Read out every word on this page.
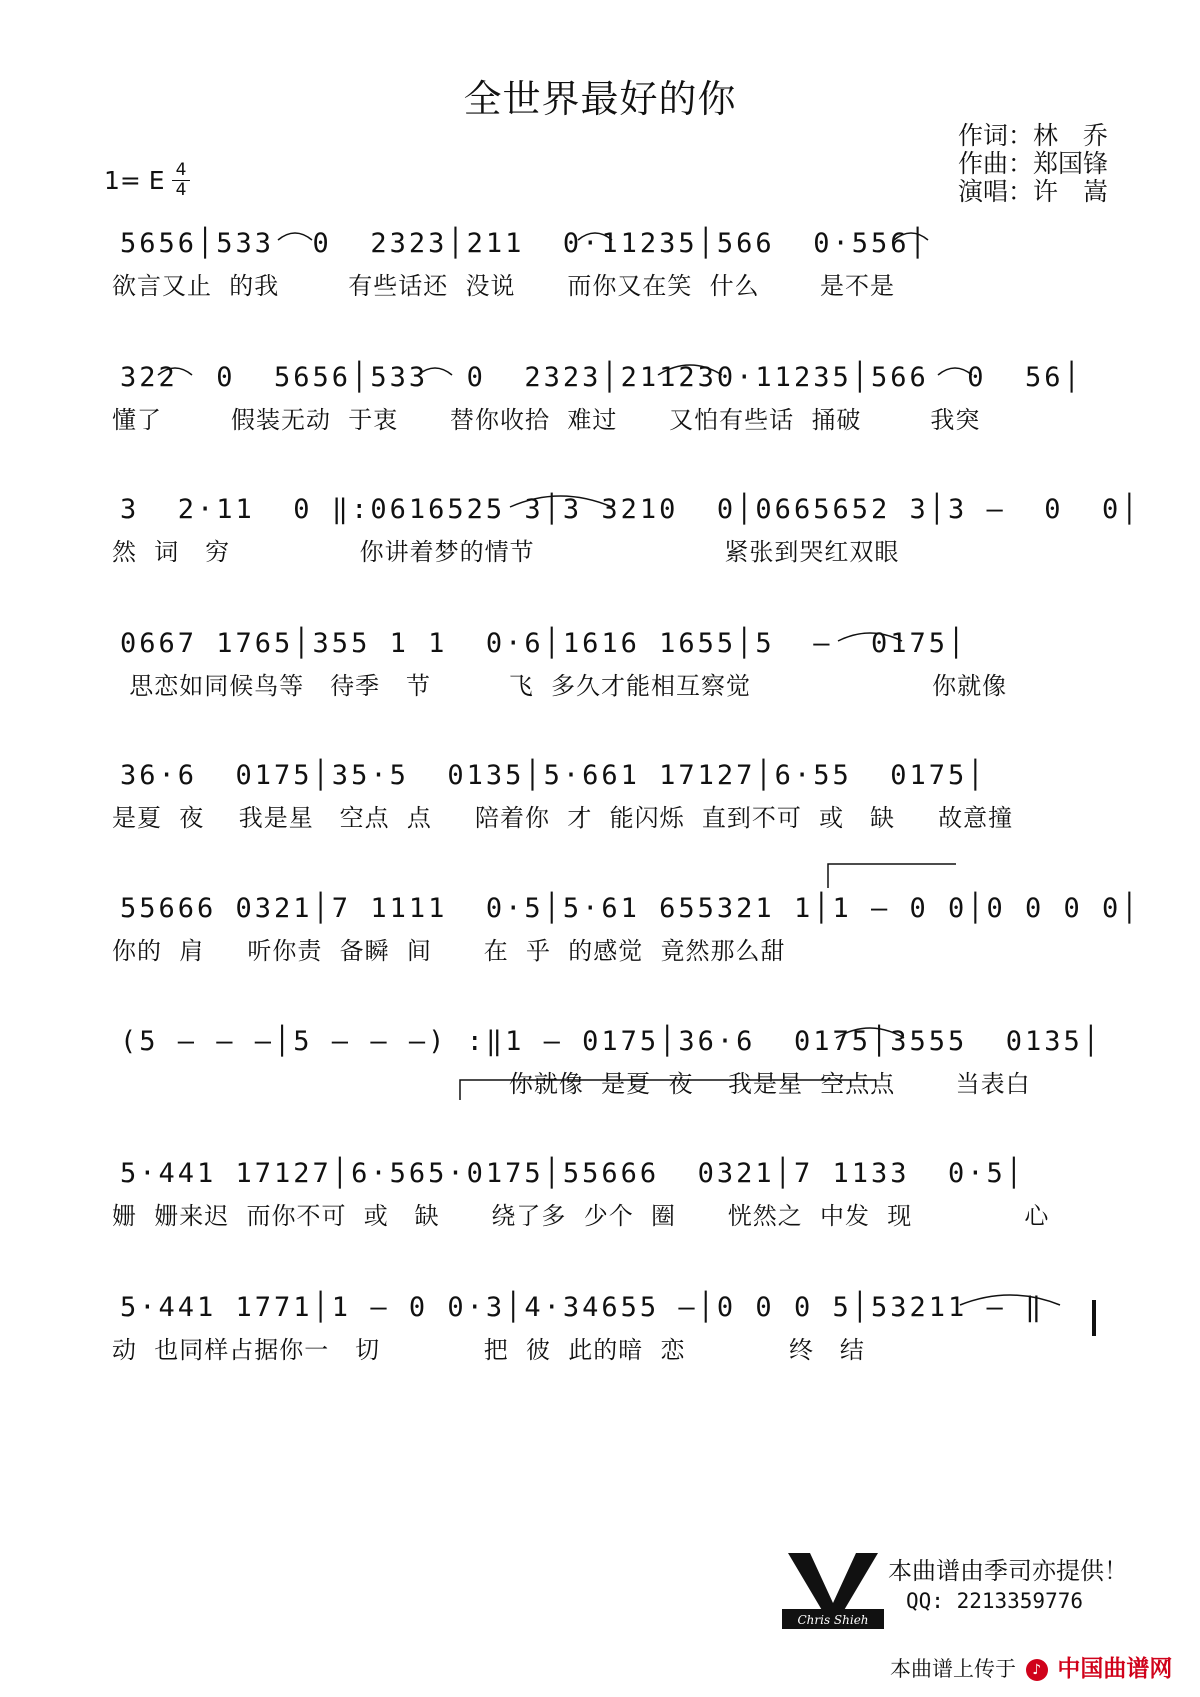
全世界最好的你
作词：林　乔
作曲：郑国锋
演唱：许　嵩
1= E 4
4
5656│533  0  2323│211  0·11235│566  0·556│
欲言又止  的我        有些话还  没说      而你又在笑  什么       是不是
322  0  5656│533  0  2323│211230·11235│566  0  56│
懂了        假装无动  于衷      替你收拾  难过      又怕有些话  捅破        我突
3  2·11  0 ‖:0616525 3│3 3210  0│0665652 3│3 —  0  0│
然  词   穷               你讲着梦的情节                      紧张到哭红双眼
0667 1765│355 1 1  0·6│1616 1655│5  —  0175│
思恋如同候鸟等   待季   节         飞  多久才能相互察觉                     你就像
36·6  0175│35·5  0135│5·661 17127│6·55  0175│
是夏  夜    我是星   空点  点     陪着你  才  能闪烁  直到不可  或   缺     故意撞
55666 0321│7 1111  0·5│5·61 655321 1│1 — 0 0│0 0 0 0│
你的  肩     听你责  备瞬  间      在  乎  的感觉  竟然那么甜
(5 — — —│5 — — —) :‖1 — 0175│36·6  0175│3555  0135│
你就像  是夏  夜    我是星  空点点       当表白
5·441 17127│6·565·0175│55666  0321│7 1133  0·5│
姗  姗来迟  而你不可  或   缺      绕了多  少个  圈      恍然之  中发  现             心
5·441 1771│1 — 0 0·3│4·34655 —│0 0 0 5│53211 — ‖
动  也同样占据你一   切            把  彼  此的暗  恋            终   结
Chris Shieh
本曲谱由季司亦提供！
QQ: 2213359776
本曲谱上传于 ♪ 中国曲谱网
